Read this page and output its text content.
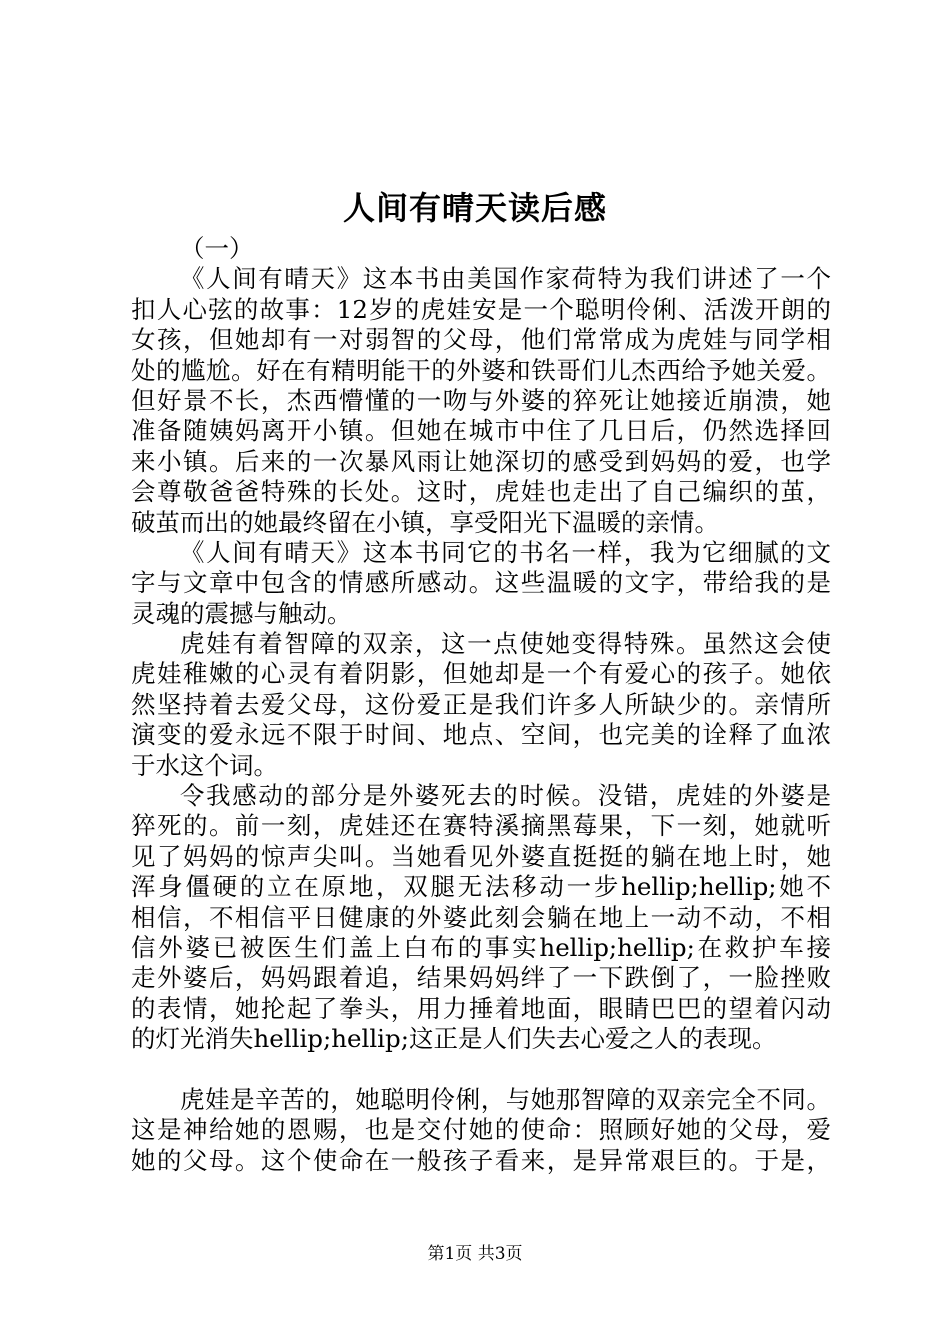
人间有晴天读后感
（一）
《人间有晴天》这本书由美国作家荷特为我们讲述了一个
扣人心弦的故事：12岁的虎娃安是一个聪明伶俐、活泼开朗的
女孩，但她却有一对弱智的父母，他们常常成为虎娃与同学相
处的尴尬。好在有精明能干的外婆和铁哥们儿杰西给予她关爱。
但好景不长，杰西懵懂的一吻与外婆的猝死让她接近崩溃，她
准备随姨妈离开小镇。但她在城市中住了几日后，仍然选择回
来小镇。后来的一次暴风雨让她深切的感受到妈妈的爱，也学
会尊敬爸爸特殊的长处。这时，虎娃也走出了自己编织的茧，
破茧而出的她最终留在小镇，享受阳光下温暖的亲情。
《人间有晴天》这本书同它的书名一样，我为它细腻的文
字与文章中包含的情感所感动。这些温暖的文字，带给我的是
灵魂的震撼与触动。
虎娃有着智障的双亲，这一点使她变得特殊。虽然这会使
虎娃稚嫩的心灵有着阴影，但她却是一个有爱心的孩子。她依
然坚持着去爱父母，这份爱正是我们许多人所缺少的。亲情所
演变的爱永远不限于时间、地点、空间，也完美的诠释了血浓
于水这个词。
令我感动的部分是外婆死去的时候。没错，虎娃的外婆是
猝死的。前一刻，虎娃还在赛特溪摘黑莓果，下一刻，她就听
见了妈妈的惊声尖叫。当她看见外婆直挺挺的躺在地上时，她
浑身僵硬的立在原地，双腿无法移动一步hellip;hellip;她不
相信，不相信平日健康的外婆此刻会躺在地上一动不动，不相
信外婆已被医生们盖上白布的事实hellip;hellip;在救护车接
走外婆后，妈妈跟着追，结果妈妈绊了一下跌倒了，一脸挫败
的表情，她抡起了拳头，用力捶着地面，眼睛巴巴的望着闪动
的灯光消失hellip;hellip;这正是人们失去心爱之人的表现。
虎娃是辛苦的，她聪明伶俐，与她那智障的双亲完全不同。
这是神给她的恩赐，也是交付她的使命：照顾好她的父母，爱
她的父母。这个使命在一般孩子看来，是异常艰巨的。于是，
第1页 共3页
